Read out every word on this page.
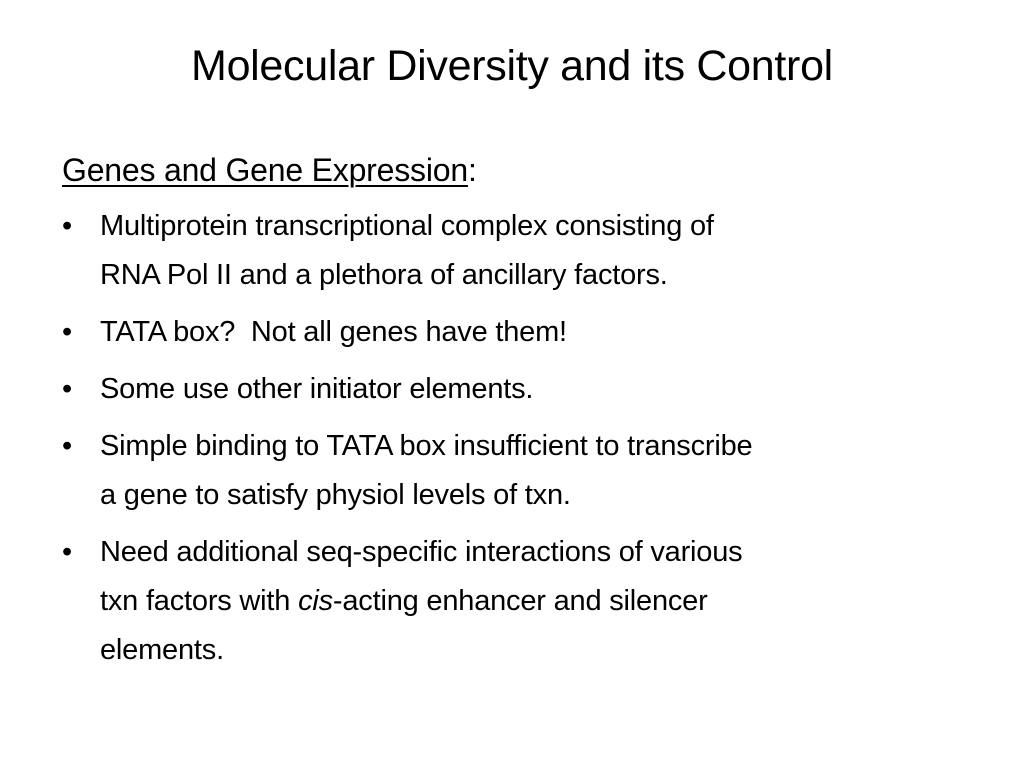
Molecular Diversity and its Control

Genes and Gene Expression:

• Multiprotein transcriptional complex consisting of
RNA Pol II and a plethora of ancillary factors.
• TATA box?  Not all genes have them!
• Some use other initiator elements.
• Simple binding to TATA box insufficient to transcribe
a gene to satisfy physiol levels of txn.
• Need additional seq-specific interactions of various
txn factors with cis-acting enhancer and silencer
elements.
